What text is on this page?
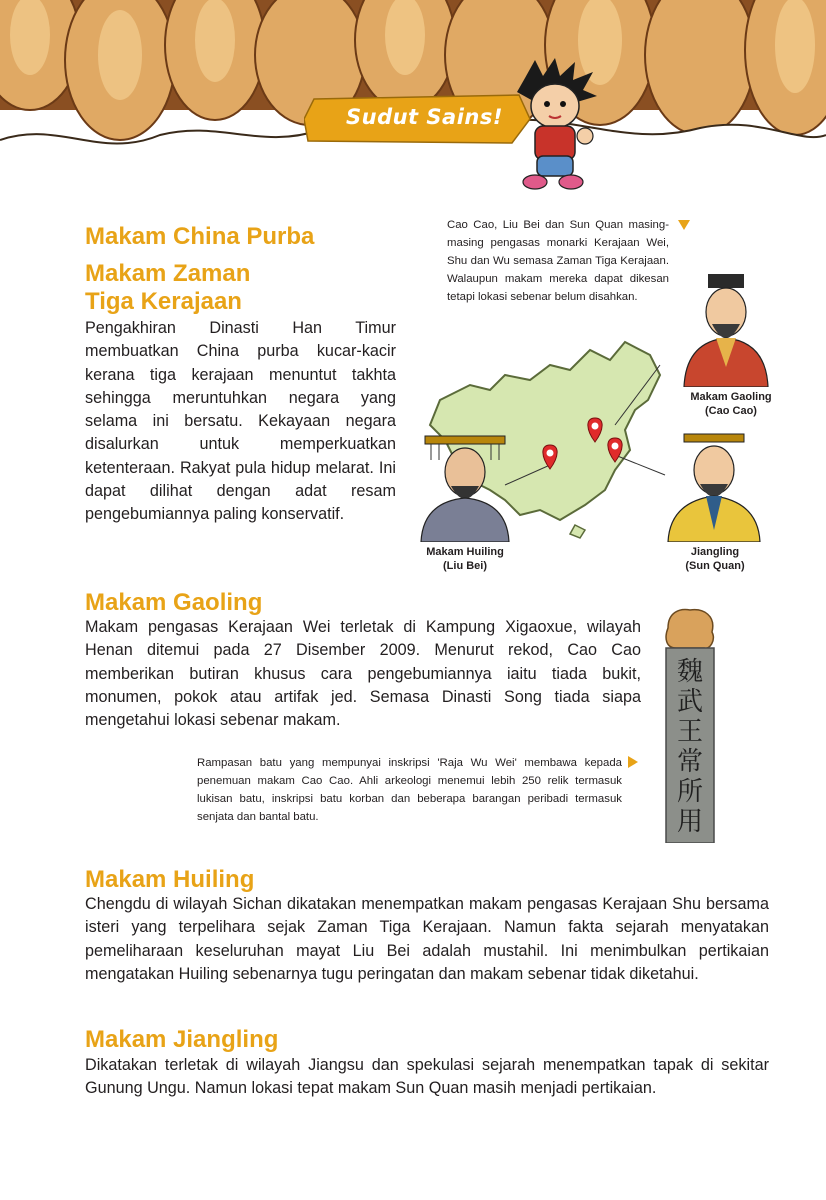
Sudut Sains!
Makam China Purba
Makam Zaman
Tiga Kerajaan

Pengakhiran Dinasti Han Timur membuatkan China purba kucar-kacir kerana tiga kerajaan menuntut takhta sehingga meruntuhkan negara yang selama ini bersatu. Kekayaan negara disalurkan untuk memperkuatkan ketenteraan. Rakyat pula hidup melarat. Ini dapat dilihat dengan adat resam pengebumiannya paling konservatif.

Cao Cao, Liu Bei dan Sun Quan masing-masing pengasas monarki Kerajaan Wei, Shu dan Wu semasa Zaman Tiga Kerajaan. Walaupun makam mereka dapat dikesan tetapi lokasi sebenar belum disahkan.

Makam Gaoling
(Cao Cao)

Makam Huiling
(Liu Bei)

Jiangling
(Sun Quan)

Makam Gaoling

Makam pengasas Kerajaan Wei terletak di Kampung Xigaoxue, wilayah Henan ditemui pada 27 Disember 2009. Menurut rekod, Cao Cao memberikan butiran khusus cara pengebumiannya iaitu tiada bukit, monumen, pokok atau artifak jed. Semasa Dinasti Song tiada siapa mengetahui lokasi sebenar makam.

Rampasan batu yang mempunyai inskripsi 'Raja Wu Wei' membawa kepada penemuan makam Cao Cao. Ahli arkeologi menemui lebih 250 relik termasuk lukisan batu, inskripsi batu korban dan beberapa barangan peribadi termasuk senjata dan bantal batu.

魏
武
王
常
所
用
Makam Huiling

Chengdu di wilayah Sichan dikatakan menempatkan makam pengasas Kerajaan Shu bersama isteri yang terpelihara sejak Zaman Tiga Kerajaan. Namun fakta sejarah menyatakan pemeliharaan keseluruhan mayat Liu Bei adalah mustahil. Ini menimbulkan pertikaian mengatakan Huiling sebenarnya tugu peringatan dan makam sebenar tidak diketahui.

Makam Jiangling

Dikatakan terletak di wilayah Jiangsu dan spekulasi sejarah menempatkan tapak di sekitar Gunung Ungu. Namun lokasi tepat makam Sun Quan masih menjadi pertikaian.
